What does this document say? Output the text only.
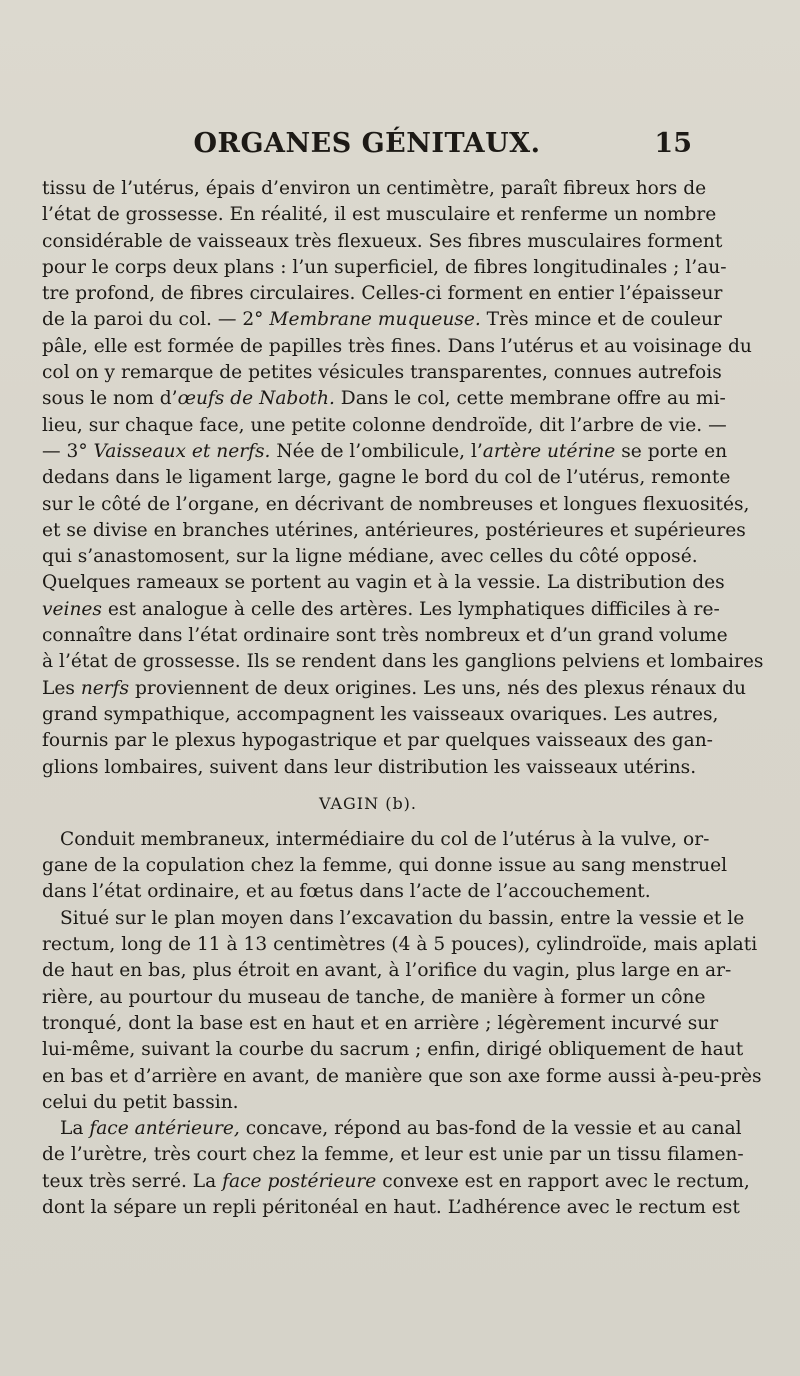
ORGANES GÉNITAUX.	15
tissu de l’utérus, épais d’environ un centimètre, paraît fibreux hors de
l’état de grossesse. En réalité, il est musculaire et renferme un nombre
considérable de vaisseaux très flexueux. Ses fibres musculaires forment
pour le corps deux plans : l’un superficiel, de fibres longitudinales ; l’au-
tre profond, de fibres circulaires. Celles-ci forment en entier l’épaisseur
de la paroi du col. — 2° Membrane muqueuse. Très mince et de couleur
pâle, elle est formée de papilles très fines. Dans l’utérus et au voisinage du
col on y remarque de petites vésicules transparentes, connues autrefois
sous le nom d’œufs de Naboth. Dans le col, cette membrane offre au mi-
lieu, sur chaque face, une petite colonne dendroïde, dit l’arbre de vie. —
— 3° Vaisseaux et nerfs. Née de l’ombilicule, l’artère utérine se porte en
dedans dans le ligament large, gagne le bord du col de l’utérus, remonte
sur le côté de l’organe, en décrivant de nombreuses et longues flexuosités,
et se divise en branches utérines, antérieures, postérieures et supérieures
qui s’anastomosent, sur la ligne médiane, avec celles du côté opposé.
Quelques rameaux se portent au vagin et à la vessie. La distribution des
veines est analogue à celle des artères. Les lymphatiques difficiles à re-
connaître dans l’état ordinaire sont très nombreux et d’un grand volume
à l’état de grossesse. Ils se rendent dans les ganglions pelviens et lombaires
Les nerfs proviennent de deux origines. Les uns, nés des plexus rénaux du
grand sympathique, accompagnent les vaisseaux ovariques. Les autres,
fournis par le plexus hypogastrique et par quelques vaisseaux des gan-
glions lombaires, suivent dans leur distribution les vaisseaux utérins.
VAGIN (b).
Conduit membraneux, intermédiaire du col de l’utérus à la vulve, or-
gane de la copulation chez la femme, qui donne issue au sang menstruel
dans l’état ordinaire, et au fœtus dans l’acte de l’accouchement.
Situé sur le plan moyen dans l’excavation du bassin, entre la vessie et le
rectum, long de 11 à 13 centimètres (4 à 5 pouces), cylindroïde, mais aplati
de haut en bas, plus étroit en avant, à l’orifice du vagin, plus large en ar-
rière, au pourtour du museau de tanche, de manière à former un cône
tronqué, dont la base est en haut et en arrière ; légèrement incurvé sur
lui-même, suivant la courbe du sacrum ; enfin, dirigé obliquement de haut
en bas et d’arrière en avant, de manière que son axe forme aussi à-peu-près
celui du petit bassin.
La face antérieure, concave, répond au bas-fond de la vessie et au canal
de l’urètre, très court chez la femme, et leur est unie par un tissu filamen-
teux très serré. La face postérieure convexe est en rapport avec le rectum,
dont la sépare un repli péritonéal en haut. L’adhérence avec le rectum est
